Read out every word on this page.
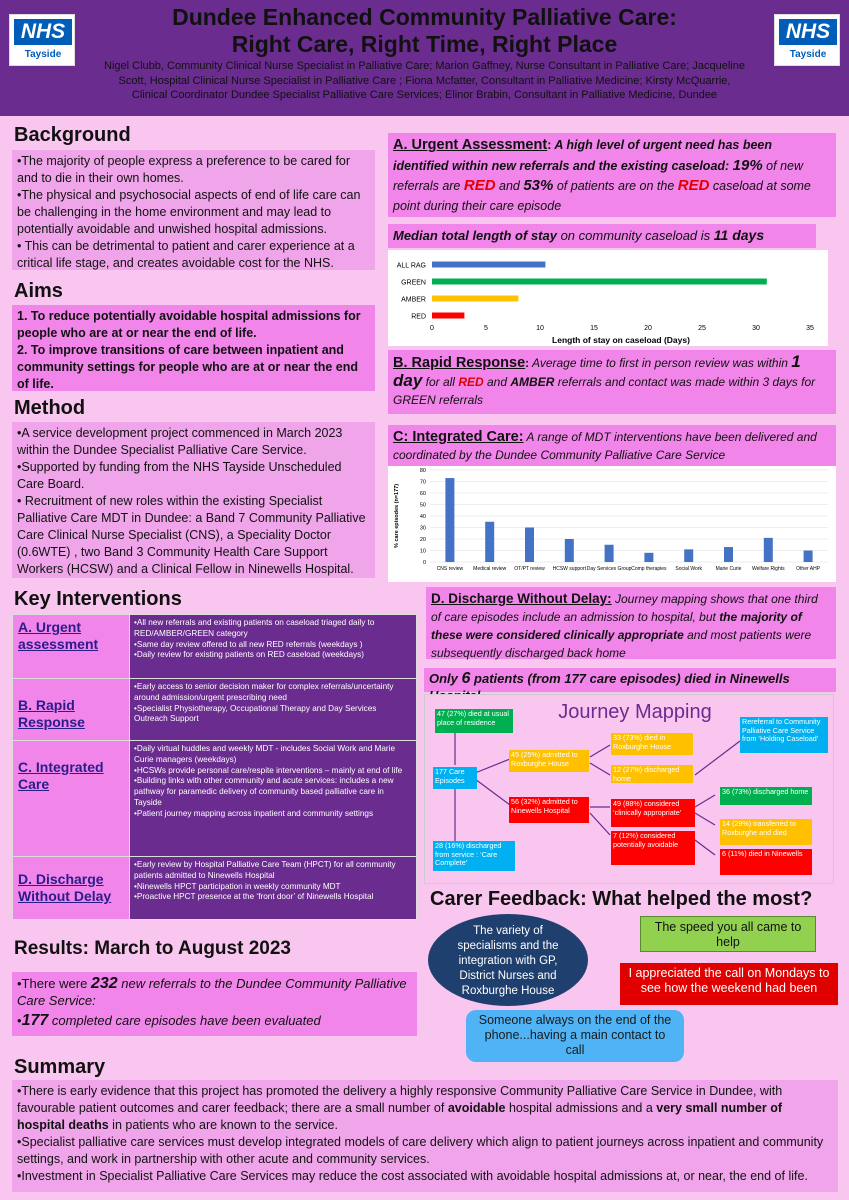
NHS
Tayside
NHS
Tayside
Dundee Enhanced Community Palliative Care:
Right Care, Right Time, Right Place
Nigel Clubb, Community Clinical Nurse Specialist in Palliative Care; Marion Gaffney, Nurse Consultant in Palliative Care; Jacqueline Scott, Hospital Clinical Nurse Specialist in Palliative Care ; Fiona Mcfatter, Consultant in Palliative Medicine; Kirsty McQuarrie, Clinical Coordinator Dundee Specialist Palliative Care Services; Elinor Brabin, Consultant in Palliative Medicine, Dundee
Background
•The majority of people express a preference to be cared for and to die in their own homes.
•The physical and psychosocial aspects of end of life care can be challenging in the home environment and may lead to potentially avoidable and unwished hospital admissions.
• This can be detrimental to patient and carer experience at a critical life stage, and creates avoidable cost for the NHS.
Aims
1. To reduce potentially avoidable hospital admissions for people who are at or near the end of life.
2. To improve transitions of care between inpatient and community settings for people who are at or near the end of life.
Method
•A service development project commenced in March 2023 within the Dundee Specialist Palliative Care Service.
•Supported by funding from the NHS Tayside Unscheduled Care Board.
• Recruitment of new roles within the existing Specialist Palliative Care MDT in Dundee: a Band 7 Community Palliative Care Clinical Nurse Specialist (CNS), a Speciality Doctor (0.6WTE) , two Band 3 Community Health Care Support Workers (HCSW) and a Clinical Fellow in Ninewells Hospital.
Key Interventions
A. Urgent assessment
•All new referrals and existing patients on caseload triaged daily to RED/AMBER/GREEN category
•Same day review offered to all new RED referrals (weekdays )
•Daily review for existing patients on RED caseload (weekdays)
B. Rapid Response
•Early access to senior decision maker for complex referrals/uncertainty around admission/urgent prescribing need
•Specialist Physiotherapy, Occupational Therapy and Day Services Outreach Support
C. Integrated Care
•Daily virtual huddles and weekly MDT - includes Social Work and Marie Curie managers (weekdays)
•HCSWs provide personal care/respite interventions – mainly at end of life
•Building links with other community and acute services: includes a new pathway for paramedic delivery of community based palliative care in Tayside
•Patient journey mapping across inpatient and community settings
D. Discharge Without Delay
•Early review by Hospital Palliative Care Team (HPCT) for all community patients admitted to Ninewells Hospital
•Ninewells HPCT participation in weekly community MDT
•Proactive HPCT presence at the ‘front door’ of Ninewells Hospital
Results: March to August 2023
•There were 232 new referrals to the Dundee Community Palliative Care Service:
•177 completed care episodes have been evaluated
A. Urgent Assessment: A high level of urgent need has been identified within new referrals and the existing caseload: 19% of new referrals are RED and 53% of patients are on the RED caseload at some point during their care episode
Median total length of stay on community caseload is 11 days
ALL RAG
GREEN
AMBER
RED
0	5	10	15	20	25	30	35
Length of stay on caseload (Days)
B. Rapid Response: Average time to first in person review was within 1 day for all RED and AMBER referrals and contact was made within 3 days for GREEN referrals
C: Integrated Care: A range of MDT interventions have been delivered and coordinated by the Dundee Community Palliative Care Service
0
10
20
30
40
50
60
70
80
CNS review Medical review OT/PT review HCSW support Day Services Group Comp therapies Social Work	Marie Curie Welfare Rights Other AHP
% care episodes (n=177)
D. Discharge Without Delay: Journey mapping shows that one third of care episodes include an admission to hospital, but the majority of these were considered clinically appropriate and most patients were subsequently discharged back home
Only 6 patients (from 177 care episodes) died in Ninewells
Journey Mapping
47 (27%) died at usual place of residence
177 Care Episodes
45 (25%) admitted to Roxburghe House
33 (73%) died in Roxburghe House
12 (27%) discharged home
Rereferral to Community Palliative Care Service from ‘Holding Caseload’
56 (32%) admitted to Ninewells Hospital
49 (88%) considered ‘clinically appropriate’
7 (12%) considered potentially avoidable
36 (73%) discharged home
14 (29%) transferred to Roxburghe and died
6 (11%) died in Ninewells
28 (16%) discharged from service : ‘Care Complete’
Carer Feedback: What helped the most?
The variety of specialisms and the integration with GP, District Nurses and Roxburghe House
The speed you all came to help
I appreciated the call on Mondays to see how the weekend had been
Someone always on the end of the phone...having a main contact to call
Summary
•There is early evidence that this project has promoted the delivery a highly responsive Community Palliative Care Service in Dundee, with favourable patient outcomes and carer feedback; there are a small number of avoidable hospital admissions and a very small number of hospital deaths in patients who are known to the service.
•Specialist palliative care services must develop integrated models of care delivery which align to patient journeys across inpatient and community settings, and work in partnership with other acute and community services.
•Investment in Specialist Palliative Care Services may reduce the cost associated with avoidable hospital admissions at, or near, the end of life.
